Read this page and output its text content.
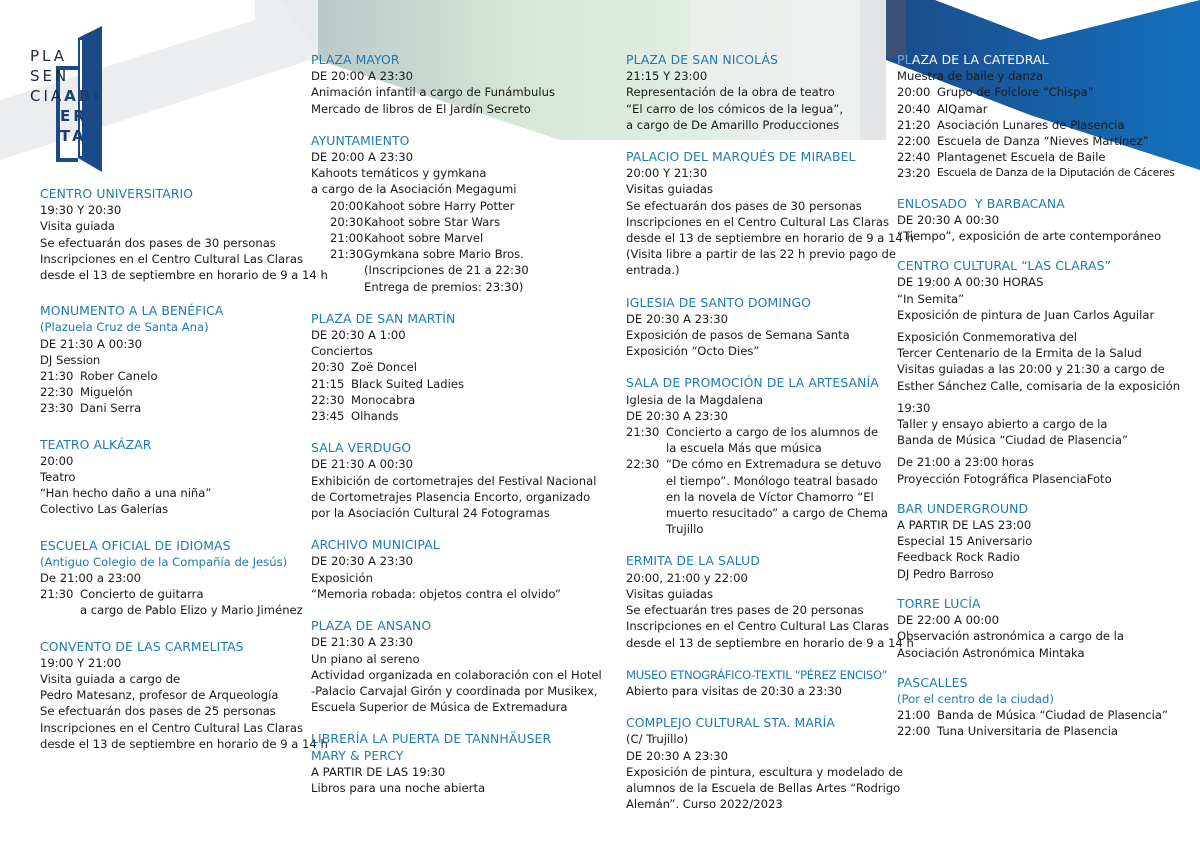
PLA
SEN
CIAABI
ER
TA
CENTRO UNIVERSITARIO

19:30 Y 20:30

Visita guiada

Se efectuarán dos pases de 30 personas

Inscripciones en el Centro Cultural Las Claras

desde el 13 de septiembre en horario de 9 a 14 h

MONUMENTO A LA BENÉFICA

(Plazuela Cruz de Santa Ana)

DE 21:30 A 00:30

DJ Session

21:30 Rober Canelo
22:30 Miguelón
23:30 Dani Serra
TEATRO ALKÁZAR

20:00

Teatro

“Han hecho daño a una niña”

Colectivo Las Galerías

ESCUELA OFICIAL DE IDIOMAS

(Antiguo Colegio de la Compañía de Jesús)

De 21:00 a 23:00

21:30 Concierto de guitarra

a cargo de Pablo Elizo y Mario Jiménez

CONVENTO DE LAS CARMELITAS

19:00 Y 21:00

Visita guiada a cargo de

Pedro Matesanz, profesor de Arqueología

Se efectuarán dos pases de 25 personas

Inscripciones en el Centro Cultural Las Claras

desde el 13 de septiembre en horario de 9 a 14 h

PLAZA MAYOR

DE 20:00 A 23:30

Animación infantil a cargo de Funámbulus

Mercado de libros de El Jardín Secreto

AYUNTAMIENTO

DE 20:00 A 23:30

Kahoots temáticos y gymkana

a cargo de la Asociación Megagumi

20:00 Kahoot sobre Harry Potter
20:30 Kahoot sobre Star Wars
21:00 Kahoot sobre Marvel
21:30 Gymkana sobre Mario Bros.

(Inscripciones de 21 a 22:30

Entrega de premios: 23:30)

PLAZA DE SAN MARTÍN

DE 20:30 A 1:00

Conciertos

20:30 Zoë Doncel
21:15 Black Suited Ladies
22:30 Monocabra
23:45 Olhands
SALA VERDUGO

DE 21:30 A 00:30

Exhibición de cortometrajes del Festival Nacional

de Cortometrajes Plasencia Encorto, organizado

por la Asociación Cultural 24 Fotogramas

ARCHIVO MUNICIPAL

DE 20:30 A 23:30

Exposición

“Memoria robada: objetos contra el olvido”

PLAZA DE ANSANO

DE 21:30 A 23:30

Un piano al sereno

Actividad organizada en colaboración con el Hotel

-Palacio Carvajal Girón y coordinada por Musikex,

Escuela Superior de Música de Extremadura

LIBRERÍA LA PUERTA DE TANNHÄUSER
MARY & PERCY

A PARTIR DE LAS 19:30

Libros para una noche abierta

PLAZA DE SAN NICOLÁS

21:15 Y 23:00

Representación de la obra de teatro

“El carro de los cómicos de la legua”,

a cargo de De Amarillo Producciones

PALACIO DEL MARQUÉS DE MIRABEL

20:00 Y 21:30

Visitas guiadas

Se efectuarán dos pases de 30 personas

Inscripciones en el Centro Cultural Las Claras

desde el 13 de septiembre en horario de 9 a 14 h

(Visita libre a partir de las 22 h previo pago de

entrada.)

IGLESIA DE SANTO DOMINGO

DE 20:30 A 23:30

Exposición de pasos de Semana Santa

Exposición “Octo Dies”

SALA DE PROMOCIÓN DE LA ARTESANÍA

Iglesia de la Magdalena

DE 20:30 A 23:30

21:30 Concierto a cargo de los alumnos de la escuela Más que música
22:30 “De cómo en Extremadura se detuvo el tiempo”. Monólogo teatral basado en la novela de Víctor Chamorro “El muerto resucitado” a cargo de Chema Trujillo
ERMITA DE LA SALUD

20:00, 21:00 y 22:00

Visitas guiadas

Se efectuarán tres pases de 20 personas

Inscripciones en el Centro Cultural Las Claras

desde el 13 de septiembre en horario de 9 a 14 h

MUSEO ETNOGRÁFICO-TEXTIL “PÉREZ ENCISO”

Abierto para visitas de 20:30 a 23:30

COMPLEJO CULTURAL STA. MARÍA

(C/ Trujillo)

DE 20:30 A 23:30

Exposición de pintura, escultura y modelado de

alumnos de la Escuela de Bellas Artes “Rodrigo

Alemán”. Curso 2022/2023

PLAZA DE LA CATEDRAL

Muestra de baile y danza

20:00 Grupo de Folclore “Chispa”
20:40 AlQamar
21:20 Asociación Lunares de Plasencia
22:00 Escuela de Danza “Nieves Martínez”
22:40 Plantagenet Escuela de Baile
23:20 Escuela de Danza de la Diputación de Cáceres
ENLOSADO  Y BARBACANA

DE 20:30 A 00:30

“Tiempo”, exposición de arte contemporáneo

CENTRO CULTURAL “LAS CLARAS”

DE 19:00 A 00:30 HORAS

“In Semita”

Exposición de pintura de Juan Carlos Aguilar

Exposición Conmemorativa del

Tercer Centenario de la Ermita de la Salud

Visitas guiadas a las 20:00 y 21:30 a cargo de

Esther Sánchez Calle, comisaria de la exposición

19:30

Taller y ensayo abierto a cargo de la

Banda de Música “Ciudad de Plasencia”

De 21:00 a 23:00 horas

Proyección Fotográfica PlasenciaFoto

BAR UNDERGROUND

A PARTIR DE LAS 23:00

Especial 15 Aniversario

Feedback Rock Radio

DJ Pedro Barroso

TORRE LUCÍA

DE 22:00 A 00:00

Observación astronómica a cargo de la

Asociación Astronómica Mintaka

PASCALLES

(Por el centro de la ciudad)

21:00 Banda de Música “Ciudad de Plasencia”
22:00 Tuna Universitaria de Plasencia
